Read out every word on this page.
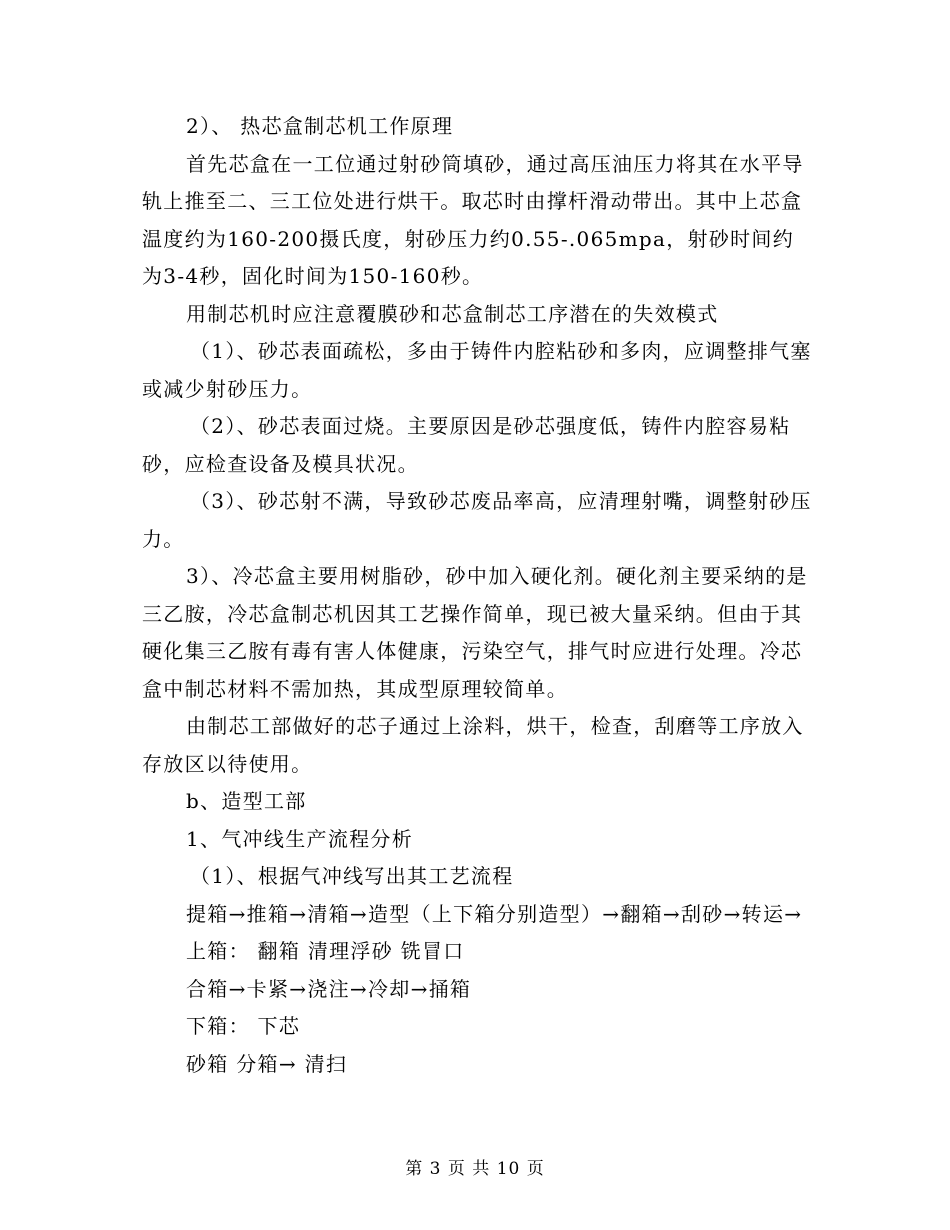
2）、 热芯盒制芯机工作原理

首先芯盒在一工位通过射砂筒填砂，通过高压油压力将其在水平导轨上推至二、三工位处进行烘干。取芯时由撑杆滑动带出。其中上芯盒温度约为160-200摄氏度，射砂压力约0.55-.065mpa，射砂时间约为3-4秒，固化时间为150-160秒。

用制芯机时应注意覆膜砂和芯盒制芯工序潜在的失效模式

（1）、砂芯表面疏松，多由于铸件内腔粘砂和多肉，应调整排气塞或减少射砂压力。

（2）、砂芯表面过烧。主要原因是砂芯强度低，铸件内腔容易粘砂，应检查设备及模具状况。

（3）、砂芯射不满，导致砂芯废品率高，应清理射嘴，调整射砂压力。

3）、冷芯盒主要用树脂砂，砂中加入硬化剂。硬化剂主要采纳的是三乙胺，冷芯盒制芯机因其工艺操作简单，现已被大量采纳。但由于其硬化集三乙胺有毒有害人体健康，污染空气，排气时应进行处理。冷芯盒中制芯材料不需加热，其成型原理较简单。

由制芯工部做好的芯子通过上涂料，烘干，检查，刮磨等工序放入存放区以待使用。

b、造型工部

1、气冲线生产流程分析

（1）、根据气冲线写出其工艺流程

提箱→推箱→清箱→造型（上下箱分别造型）→翻箱→刮砂→转运→

上箱： 翻箱 清理浮砂 铣冒口

合箱→卡紧→浇注→冷却→捅箱

下箱： 下芯

砂箱 分箱→ 清扫

第 3 页 共 10 页
